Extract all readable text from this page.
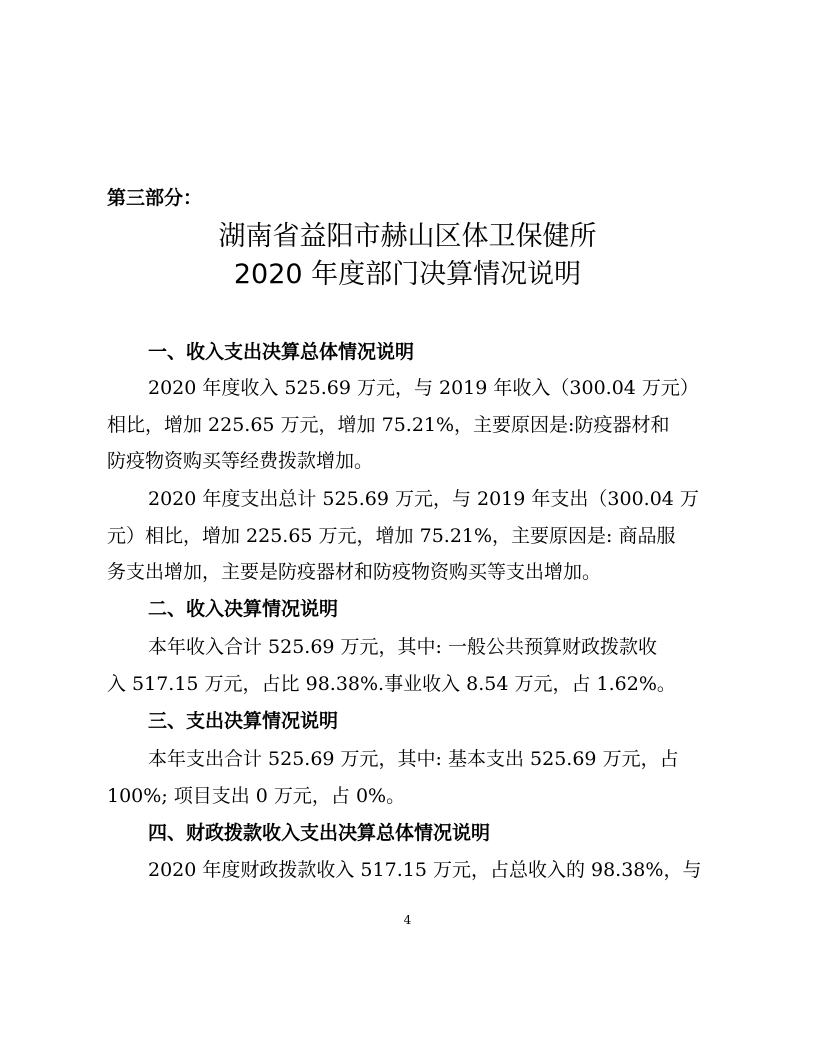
第三部分：
湖南省益阳市赫山区体卫保健所
2020 年度部门决算情况说明
一、收入支出决算总体情况说明
2020 年度收入 525.69 万元，与 2019 年收入（300.04 万元）
相比，增加 225.65 万元，增加 75.21%，主要原因是:防疫器材和
防疫物资购买等经费拨款增加。
2020 年度支出总计 525.69 万元，与 2019 年支出（300.04 万
元）相比，增加 225.65 万元，增加 75.21%，主要原因是: 商品服
务支出增加，主要是防疫器材和防疫物资购买等支出增加。
二、收入决算情况说明
本年收入合计 525.69 万元，其中: 一般公共预算财政拨款收
入 517.15 万元，占比 98.38%.事业收入 8.54 万元，占 1.62%。
三、支出决算情况说明
本年支出合计 525.69 万元，其中: 基本支出 525.69 万元，占
100%; 项目支出 0 万元，占 0%。
四、财政拨款收入支出决算总体情况说明
2020 年度财政拨款收入 517.15 万元，占总收入的 98.38%，与
4
